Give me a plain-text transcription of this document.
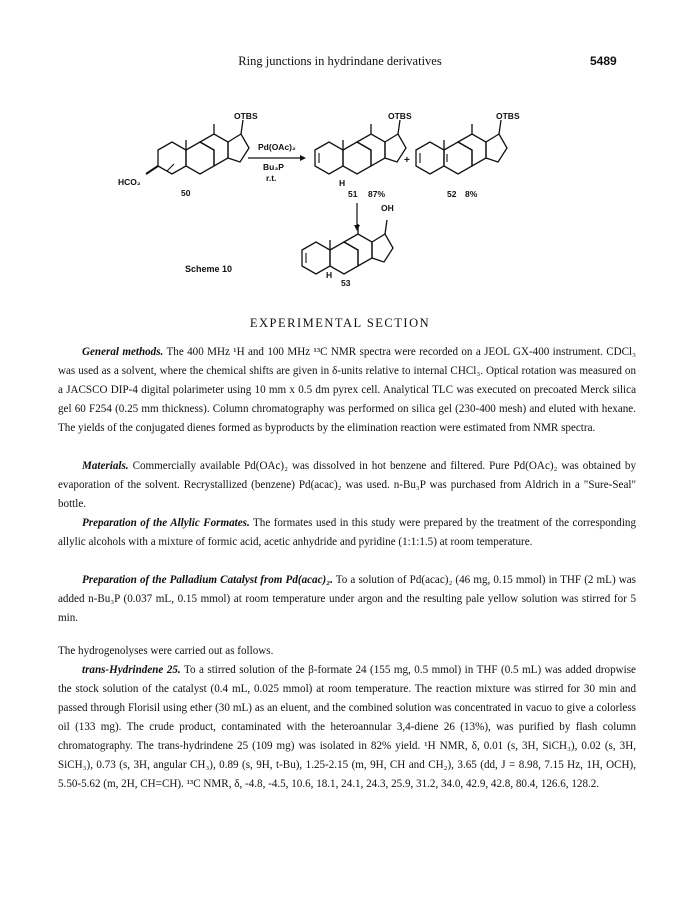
Ring junctions in hydrindane derivatives	5489
OTBS
HCO₂
50
Pd(OAc)₂
Bu₃P
r.t.
OTBS
H
51 87%
+
OTBS
52 8%
OH
H
53
Scheme 10
EXPERIMENTAL SECTION

General methods. The 400 MHz ¹H and 100 MHz ¹³C NMR spectra were recorded on a JEOL GX-400 instrument. CDCl₃ was used as a solvent, where the chemical shifts are given in δ-units relative to internal CHCl₃. Optical rotation was measured on a JACSCO DIP-4 digital polarimeter using 10 mm x 0.5 dm pyrex cell. Analytical TLC was executed on precoated Merck silica gel 60 F254 (0.25 mm thickness). Column chromatography was performed on silica gel (230-400 mesh) and eluted with hexane. The yields of the conjugated dienes formed as byproducts by the elimination reaction were estimated from NMR spectra.

Materials. Commercially available Pd(OAc)₂ was dissolved in hot benzene and filtered. Pure Pd(OAc)₂ was obtained by evaporation of the solvent. Recrystallized (benzene) Pd(acac)₂ was used. n-Bu₃P was purchased from Aldrich in a "Sure-Seal" bottle.

Preparation of the Allylic Formates. The formates used in this study were prepared by the treatment of the corresponding allylic alcohols with a mixture of formic acid, acetic anhydride and pyridine (1:1:1.5) at room temperature.

Preparation of the Palladium Catalyst from Pd(acac)₂. To a solution of Pd(acac)₂ (46 mg, 0.15 mmol) in THF (2 mL) was added n-Bu₃P (0.037 mL, 0.15 mmol) at room temperature under argon and the resulting pale yellow solution was stirred for 5 min.

The hydrogenolyses were carried out as follows.

trans-Hydrindene 25. To a stirred solution of the β-formate 24 (155 mg, 0.5 mmol) in THF (0.5 mL) was added dropwise the stock solution of the catalyst (0.4 mL, 0.025 mmol) at room temperature. The reaction mixture was stirred for 30 min and passed through Florisil using ether (30 mL) as an eluent, and the combined solution was concentrated in vacuo to give a colorless oil (133 mg). The crude product, contaminated with the heteroannular 3,4-diene 26 (13%), was purified by flash column chromatography. The trans-hydrindene 25 (109 mg) was isolated in 82% yield. ¹H NMR, δ, 0.01 (s, 3H, SiCH₃), 0.02 (s, 3H, SiCH₃), 0.73 (s, 3H, angular CH₃), 0.89 (s, 9H, t-Bu), 1.25-2.15 (m, 9H, CH and CH₂), 3.65 (dd, J = 8.98, 7.15 Hz, 1H, OCH), 5.50-5.62 (m, 2H, CH=CH). ¹³C NMR, δ, -4.8, -4.5, 10.6, 18.1, 24.1, 24.3, 25.9, 31.2, 34.0, 42.9, 42.8, 80.4, 126.6, 128.2.
